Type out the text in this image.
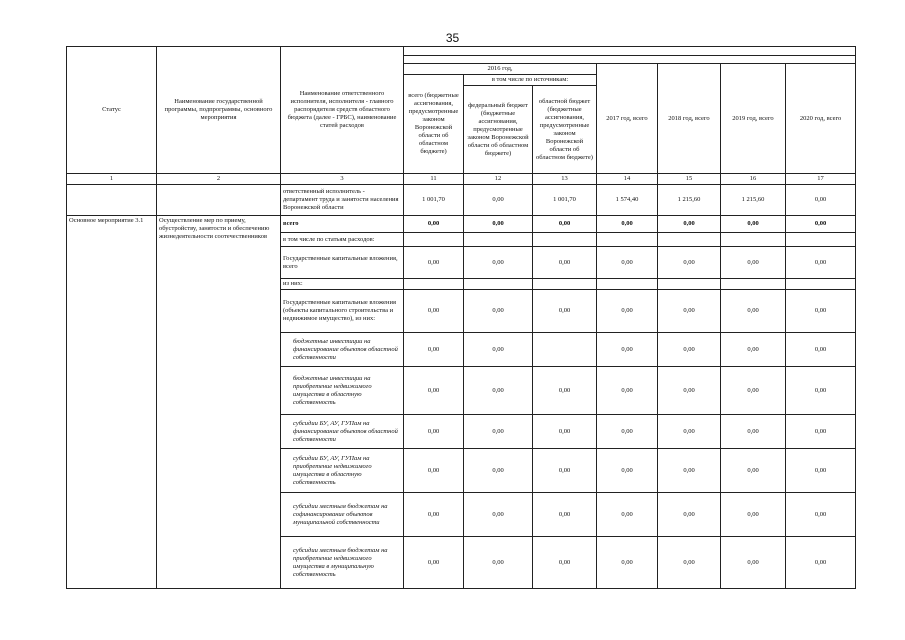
35
Статус	Наименование государственной программы, подпрограммы, основного мероприятия	Наименование ответственного исполнителя, исполнителя - главного распорядителя средств областного бюджета (далее - ГРБС), наименование статей расходов							

			2016 год,			2017 год, всего	2018 год, всего	2019 год, всего	2020 год, всего
			всего (бюджетные ассигнования, предусмотренные законом Воронежской области об областном бюджете)	в том числе по источникам:					
				федеральный бюджет (бюджетные ассигнования, предусмотренные законом Воронежской области об областном бюджете)	областной бюджет (бюджетные ассигнования, предусмотренные законом Воронежской области об областном бюджете)				

1	2	3	11	12	13	14	15	16	17
		ответственный исполнитель - департамент труда и занятости населения Воронежской области	1 001,70	0,00	1 001,70	1 574,40	1 215,60	1 215,60	0,00
Основное мероприятие 3.1	Осуществление мер по приему, обустройству, занятости и обеспечению жизнедеятельности соотечественников	всего	0,00	0,00	0,00	0,00	0,00	0,00	0,00
		в том числе по статьям расходов:							
		Государственные капитальные вложения, всего	0,00	0,00	0,00	0,00	0,00	0,00	0,00
		из них:							
		Государственные капитальные вложения (объекты капитального строительства и недвижимое имущество), из них:	0,00	0,00	0,00	0,00	0,00	0,00	0,00
		бюджетные инвестиции на финансирование объектов областной собственности	0,00	0,00		0,00	0,00	0,00	0,00
		бюджетные инвестиции на приобретение недвижимого имущества в областную собственность	0,00	0,00	0,00	0,00	0,00	0,00	0,00
		субсидии БУ, АУ, ГУПам на финансирование объектов областной собственности	0,00	0,00	0,00	0,00	0,00	0,00	0,00
		субсидии БУ, АУ, ГУПам на приобретение недвижимого имущества в областную собственность	0,00	0,00	0,00	0,00	0,00	0,00	0,00
		субсидии местным бюджетам на софинансирование объектов муниципальной собственности	0,00	0,00	0,00	0,00	0,00	0,00	0,00
		субсидии местным бюджетам на приобретение недвижимого имущества в муниципальную собственность	0,00	0,00	0,00	0,00	0,00	0,00	0,00
